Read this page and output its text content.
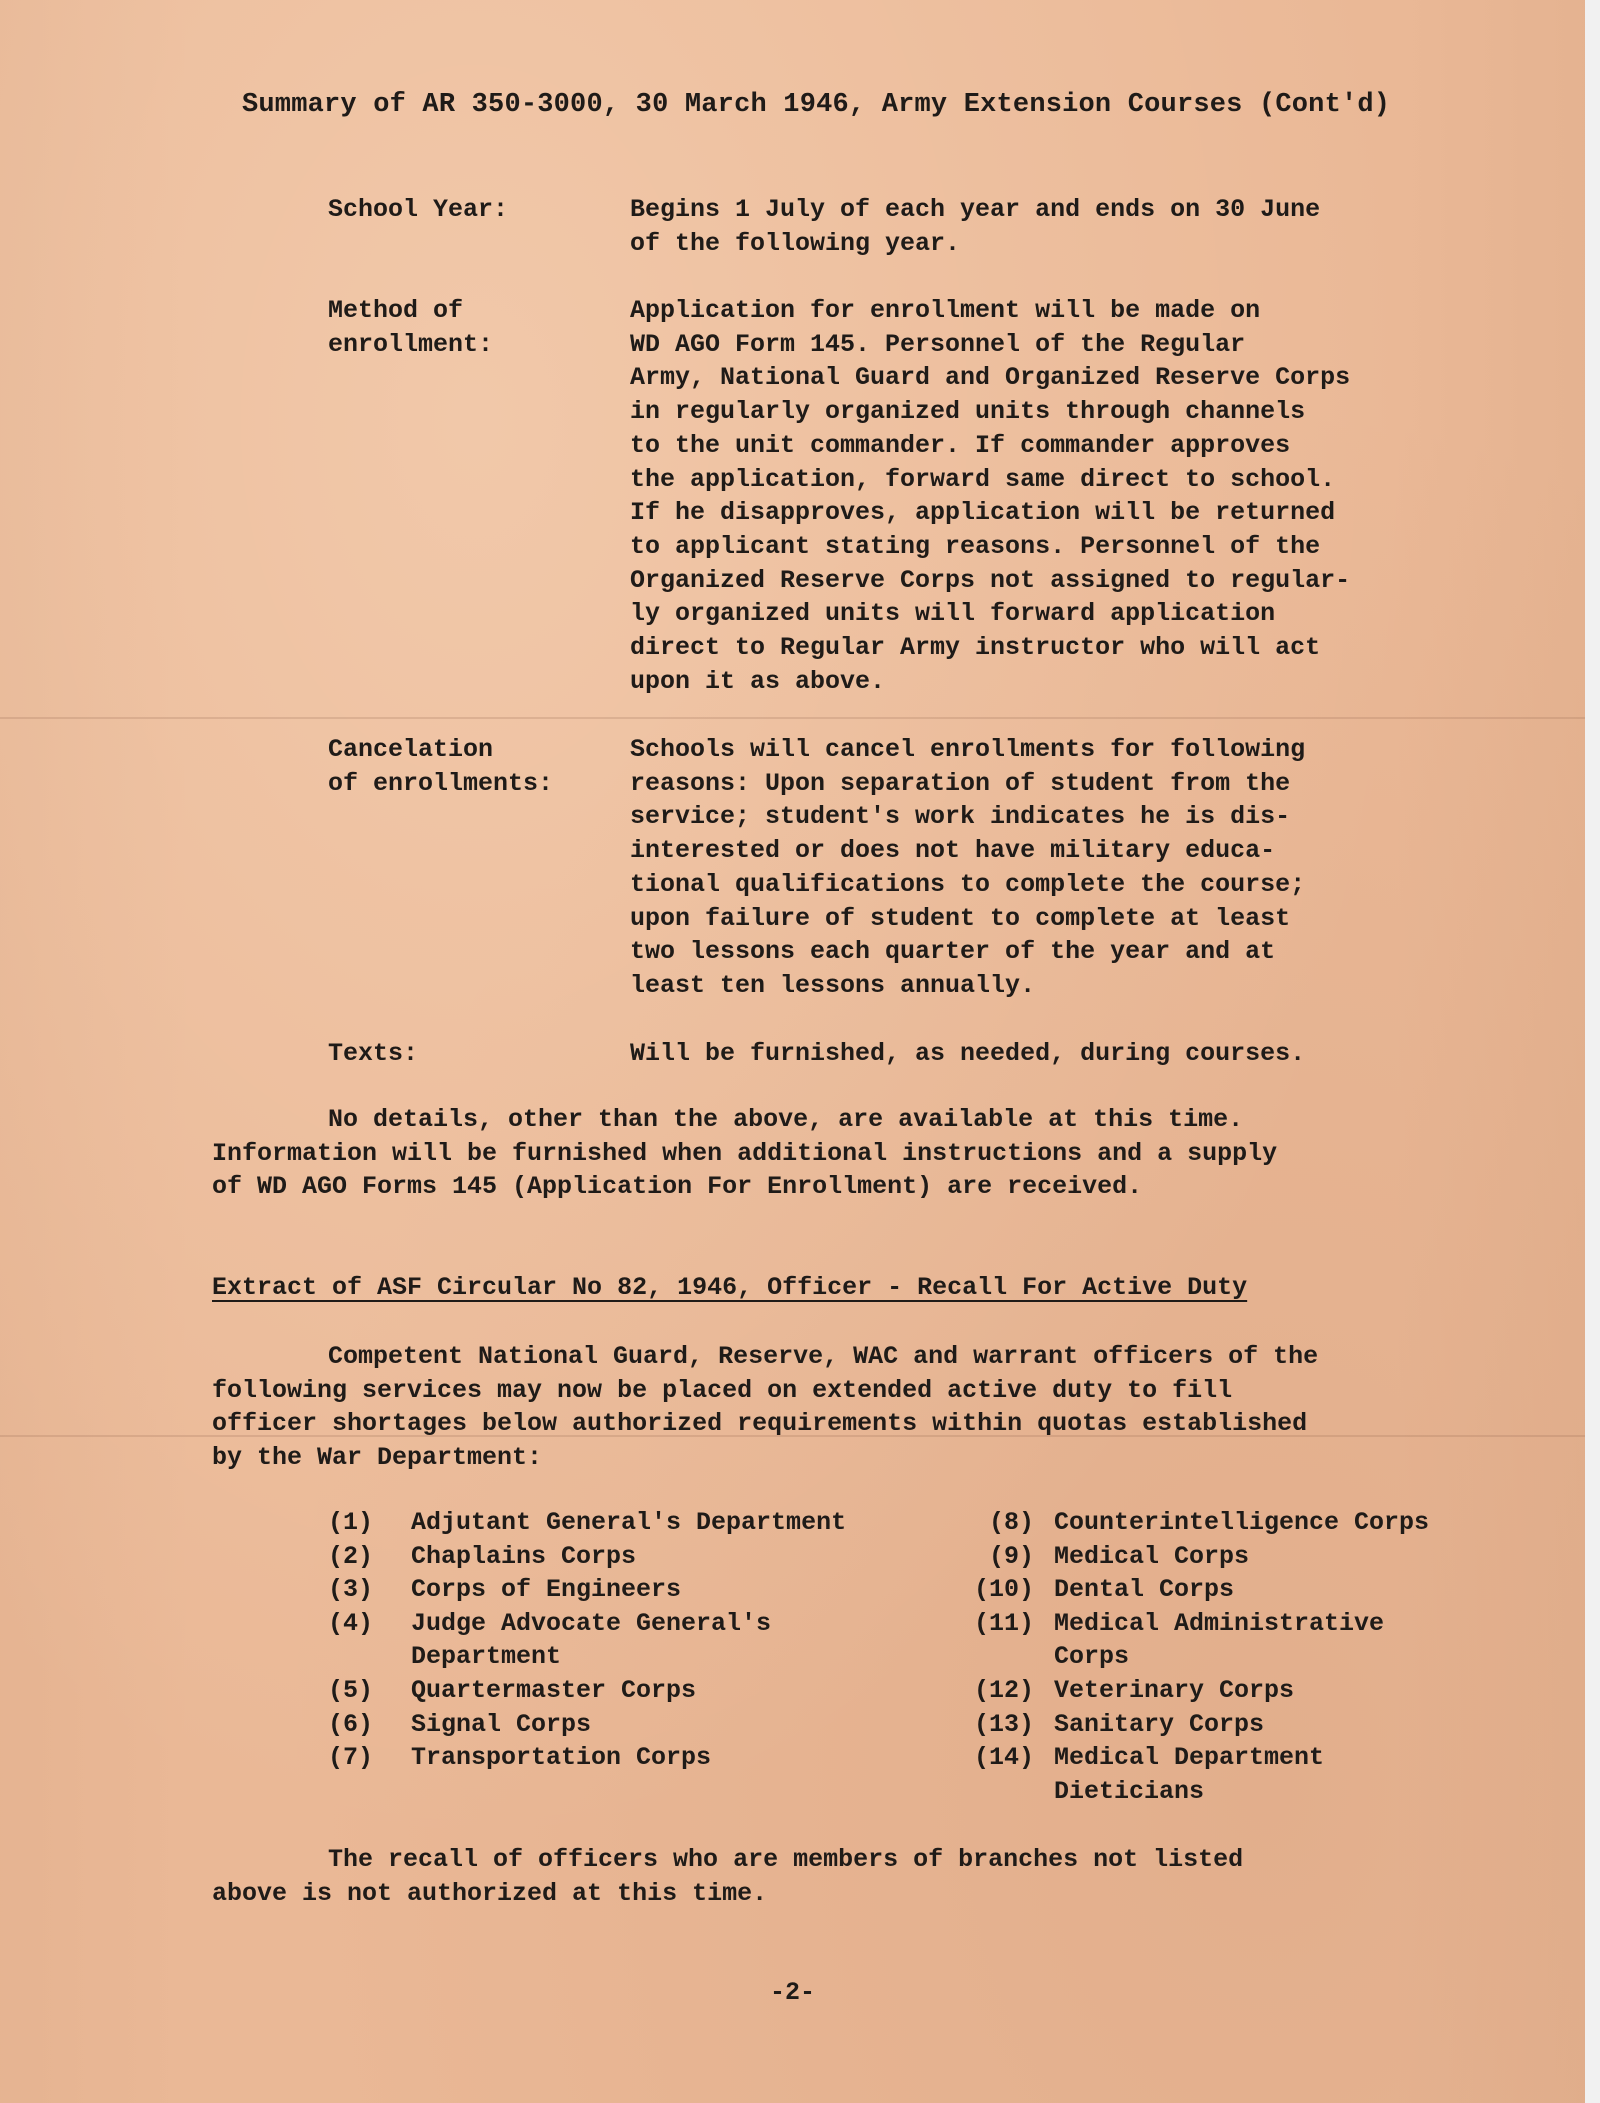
Summary of AR 350-3000, 30 March 1946, Army Extension Courses (Cont'd)
School Year:	Begins 1 July of each year and ends on 30 June
of the following year.
Method of
enrollment:
Application for enrollment will be made on
WD AGO Form 145. Personnel of the Regular
Army, National Guard and Organized Reserve Corps
in regularly organized units through channels
to the unit commander. If commander approves
the application, forward same direct to school.
If he disapproves, application will be returned
to applicant stating reasons. Personnel of the
Organized Reserve Corps not assigned to regular-
ly organized units will forward application
direct to Regular Army instructor who will act
upon it as above.
Cancelation
of enrollments:
Schools will cancel enrollments for following
reasons: Upon separation of student from the
service; student's work indicates he is dis-
interested or does not have military educa-
tional qualifications to complete the course;
upon failure of student to complete at least
two lessons each quarter of the year and at
least ten lessons annually.
Texts:	Will be furnished, as needed, during courses.
No details, other than the above, are available at this time.
Information will be furnished when additional instructions and a supply
of WD AGO Forms 145 (Application For Enrollment) are received.
Extract of ASF Circular No 82, 1946, Officer - Recall For Active Duty
Competent National Guard, Reserve, WAC and warrant officers of the
following services may now be placed on extended active duty to fill
officer shortages below authorized requirements within quotas established
by the War Department:
(1)	Adjutant General's Department
(2)	Chaplains Corps
(3)	Corps of Engineers
(4)	Judge Advocate General's
Department
(5)	Quartermaster Corps
(6)	Signal Corps
(7)	Transportation Corps
(8) Counterintelligence Corps
(9) Medical Corps
(10) Dental Corps
(11) Medical Administrative
Corps
(12) Veterinary Corps
(13) Sanitary Corps
(14) Medical Department
Dieticians
The recall of officers who are members of branches not listed
above is not authorized at this time.
-2-
